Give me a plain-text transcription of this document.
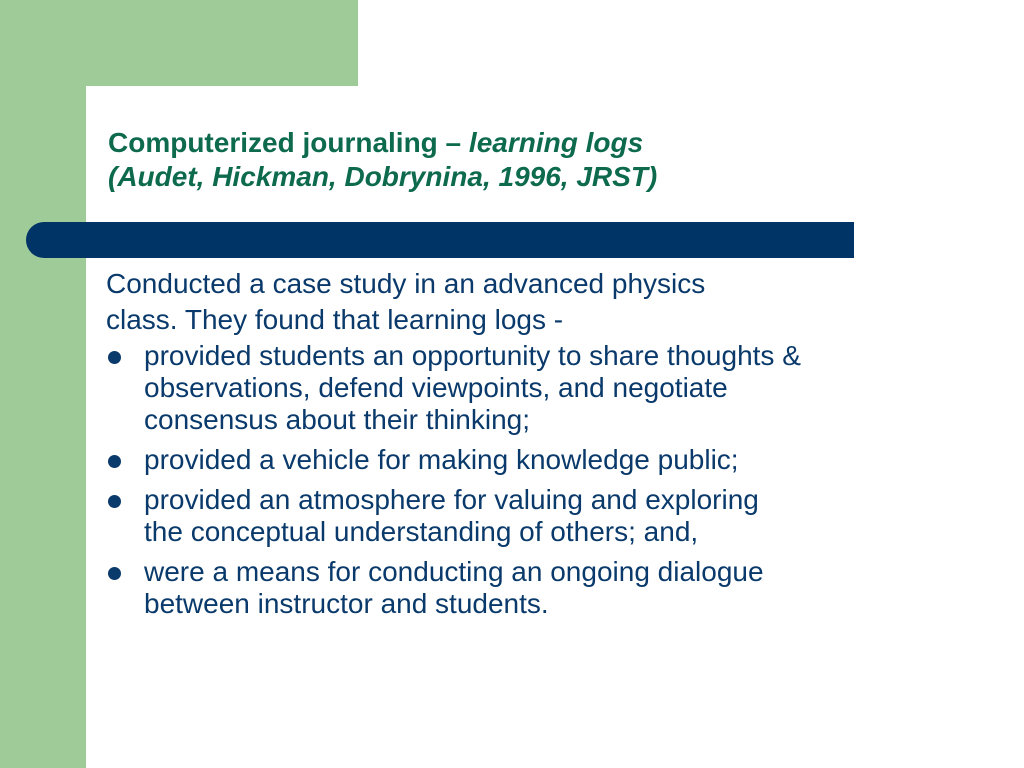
Computerized journaling – learning logs
(Audet, Hickman, Dobrynina, 1996, JRST)

Conducted a case study in an advanced physics
class. They found that learning logs -

provided students an opportunity to share thoughts &
observations, defend viewpoints, and negotiate
consensus about their thinking;
provided a vehicle for making knowledge public;
provided an atmosphere for valuing and exploring
the conceptual understanding of others; and,
were a means for conducting an ongoing dialogue
between instructor and students.
